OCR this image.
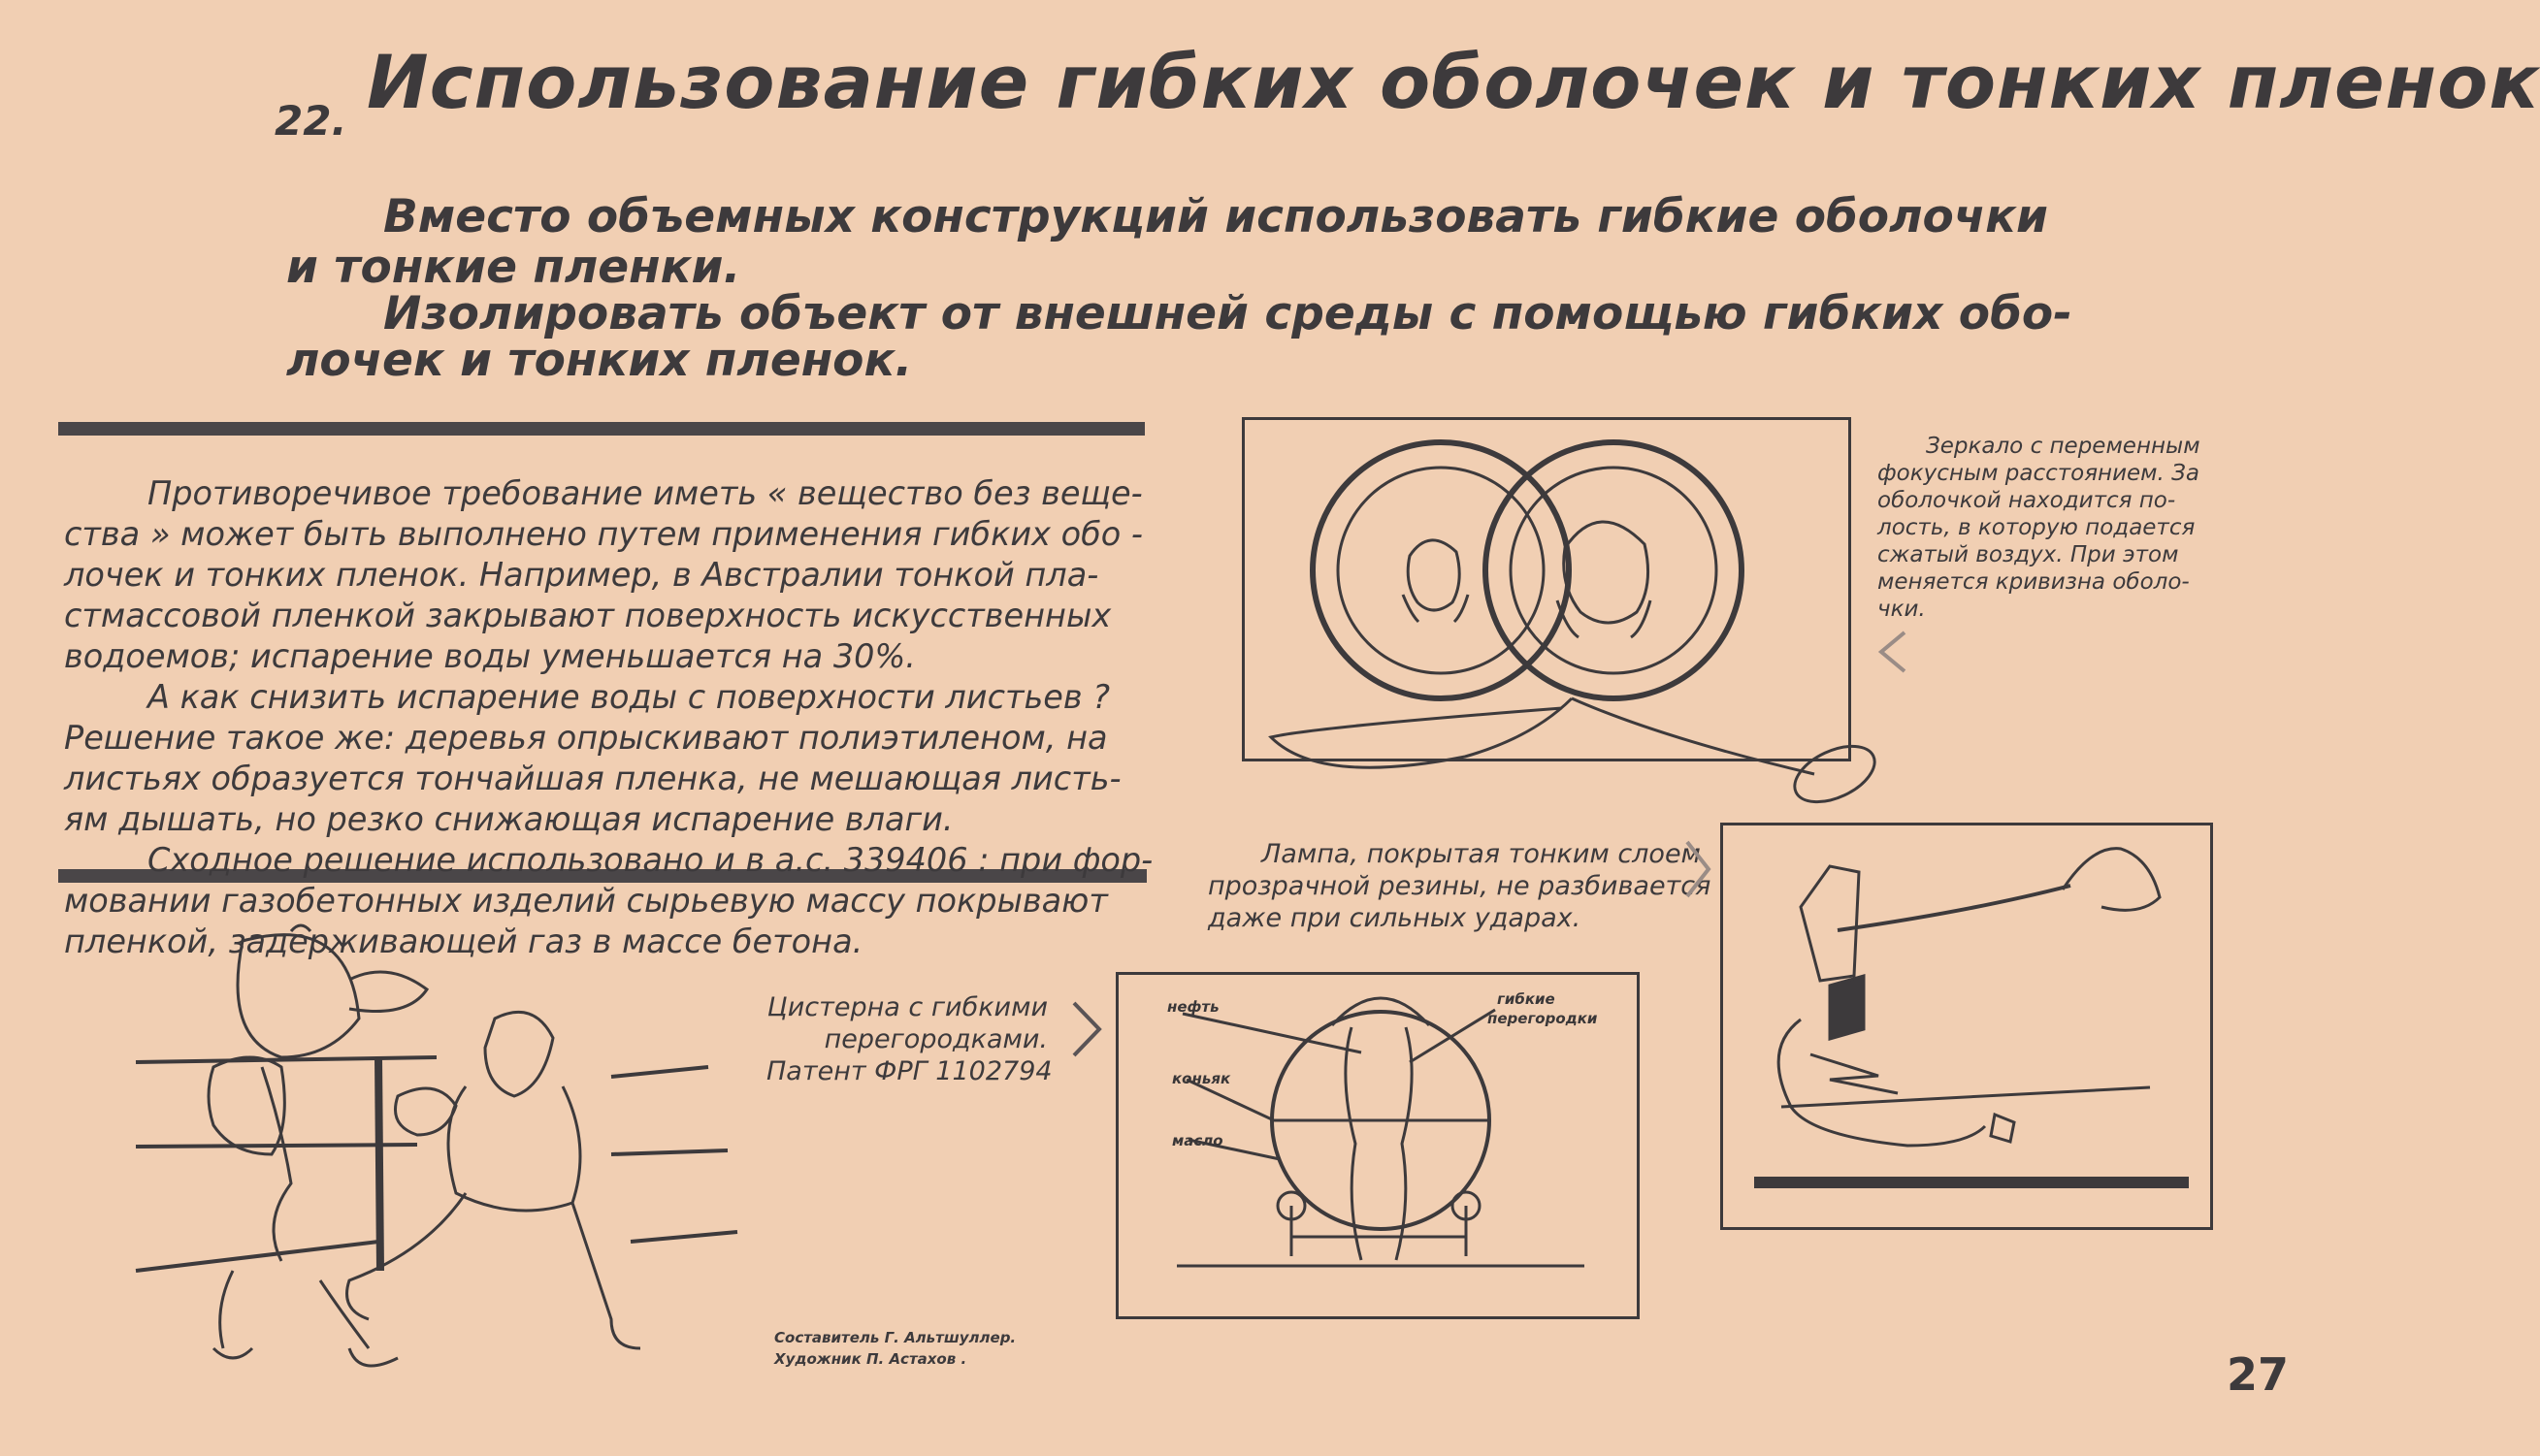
22. Использование гибких оболочек и тонких пленок
Вместо объемных конструкций использовать гибкие оболочки
и тонкие пленки.
Изолировать объект от внешней среды с помощью гибких обо-
лочек и тонких пленок.
Противоречивое требование иметь « вещество без веще-
ства » может быть выполнено путем применения гибких обо -
лочек и тонких пленок. Например, в Австралии тонкой пла-
стмассовой пленкой закрывают поверхность искусственных
водоемов; испарение воды уменьшается на 30%.
А как снизить испарение воды с поверхности листьев ?
Решение такое же: деревья опрыскивают полиэтиленом, на
листьях образуется тончайшая пленка, не мешающая листь-
ям дышать, но резко снижающая испарение влаги.
Сходное решение использовано и в а.с. 339406 : при фор-
мовании газобетонных изделий сырьевую массу покрывают
пленкой, задерживающей газ в массе бетона.
Зеркало с переменным
фокусным расстоянием. За
оболочкой находится по-
лость, в которую подается
сжатый воздух. При этом
меняется кривизна оболо-
чки.
Лампа, покрытая тонким слоем
прозрачной резины, не разбивается
даже при сильных ударах.
Цистерна с гибкими
перегородками.
Патент ФРГ 1102794
нефть
коньяк
масло
гибкие
перегородки
Составитель Г. Альтшуллер.
Художник П. Астахов .	27
